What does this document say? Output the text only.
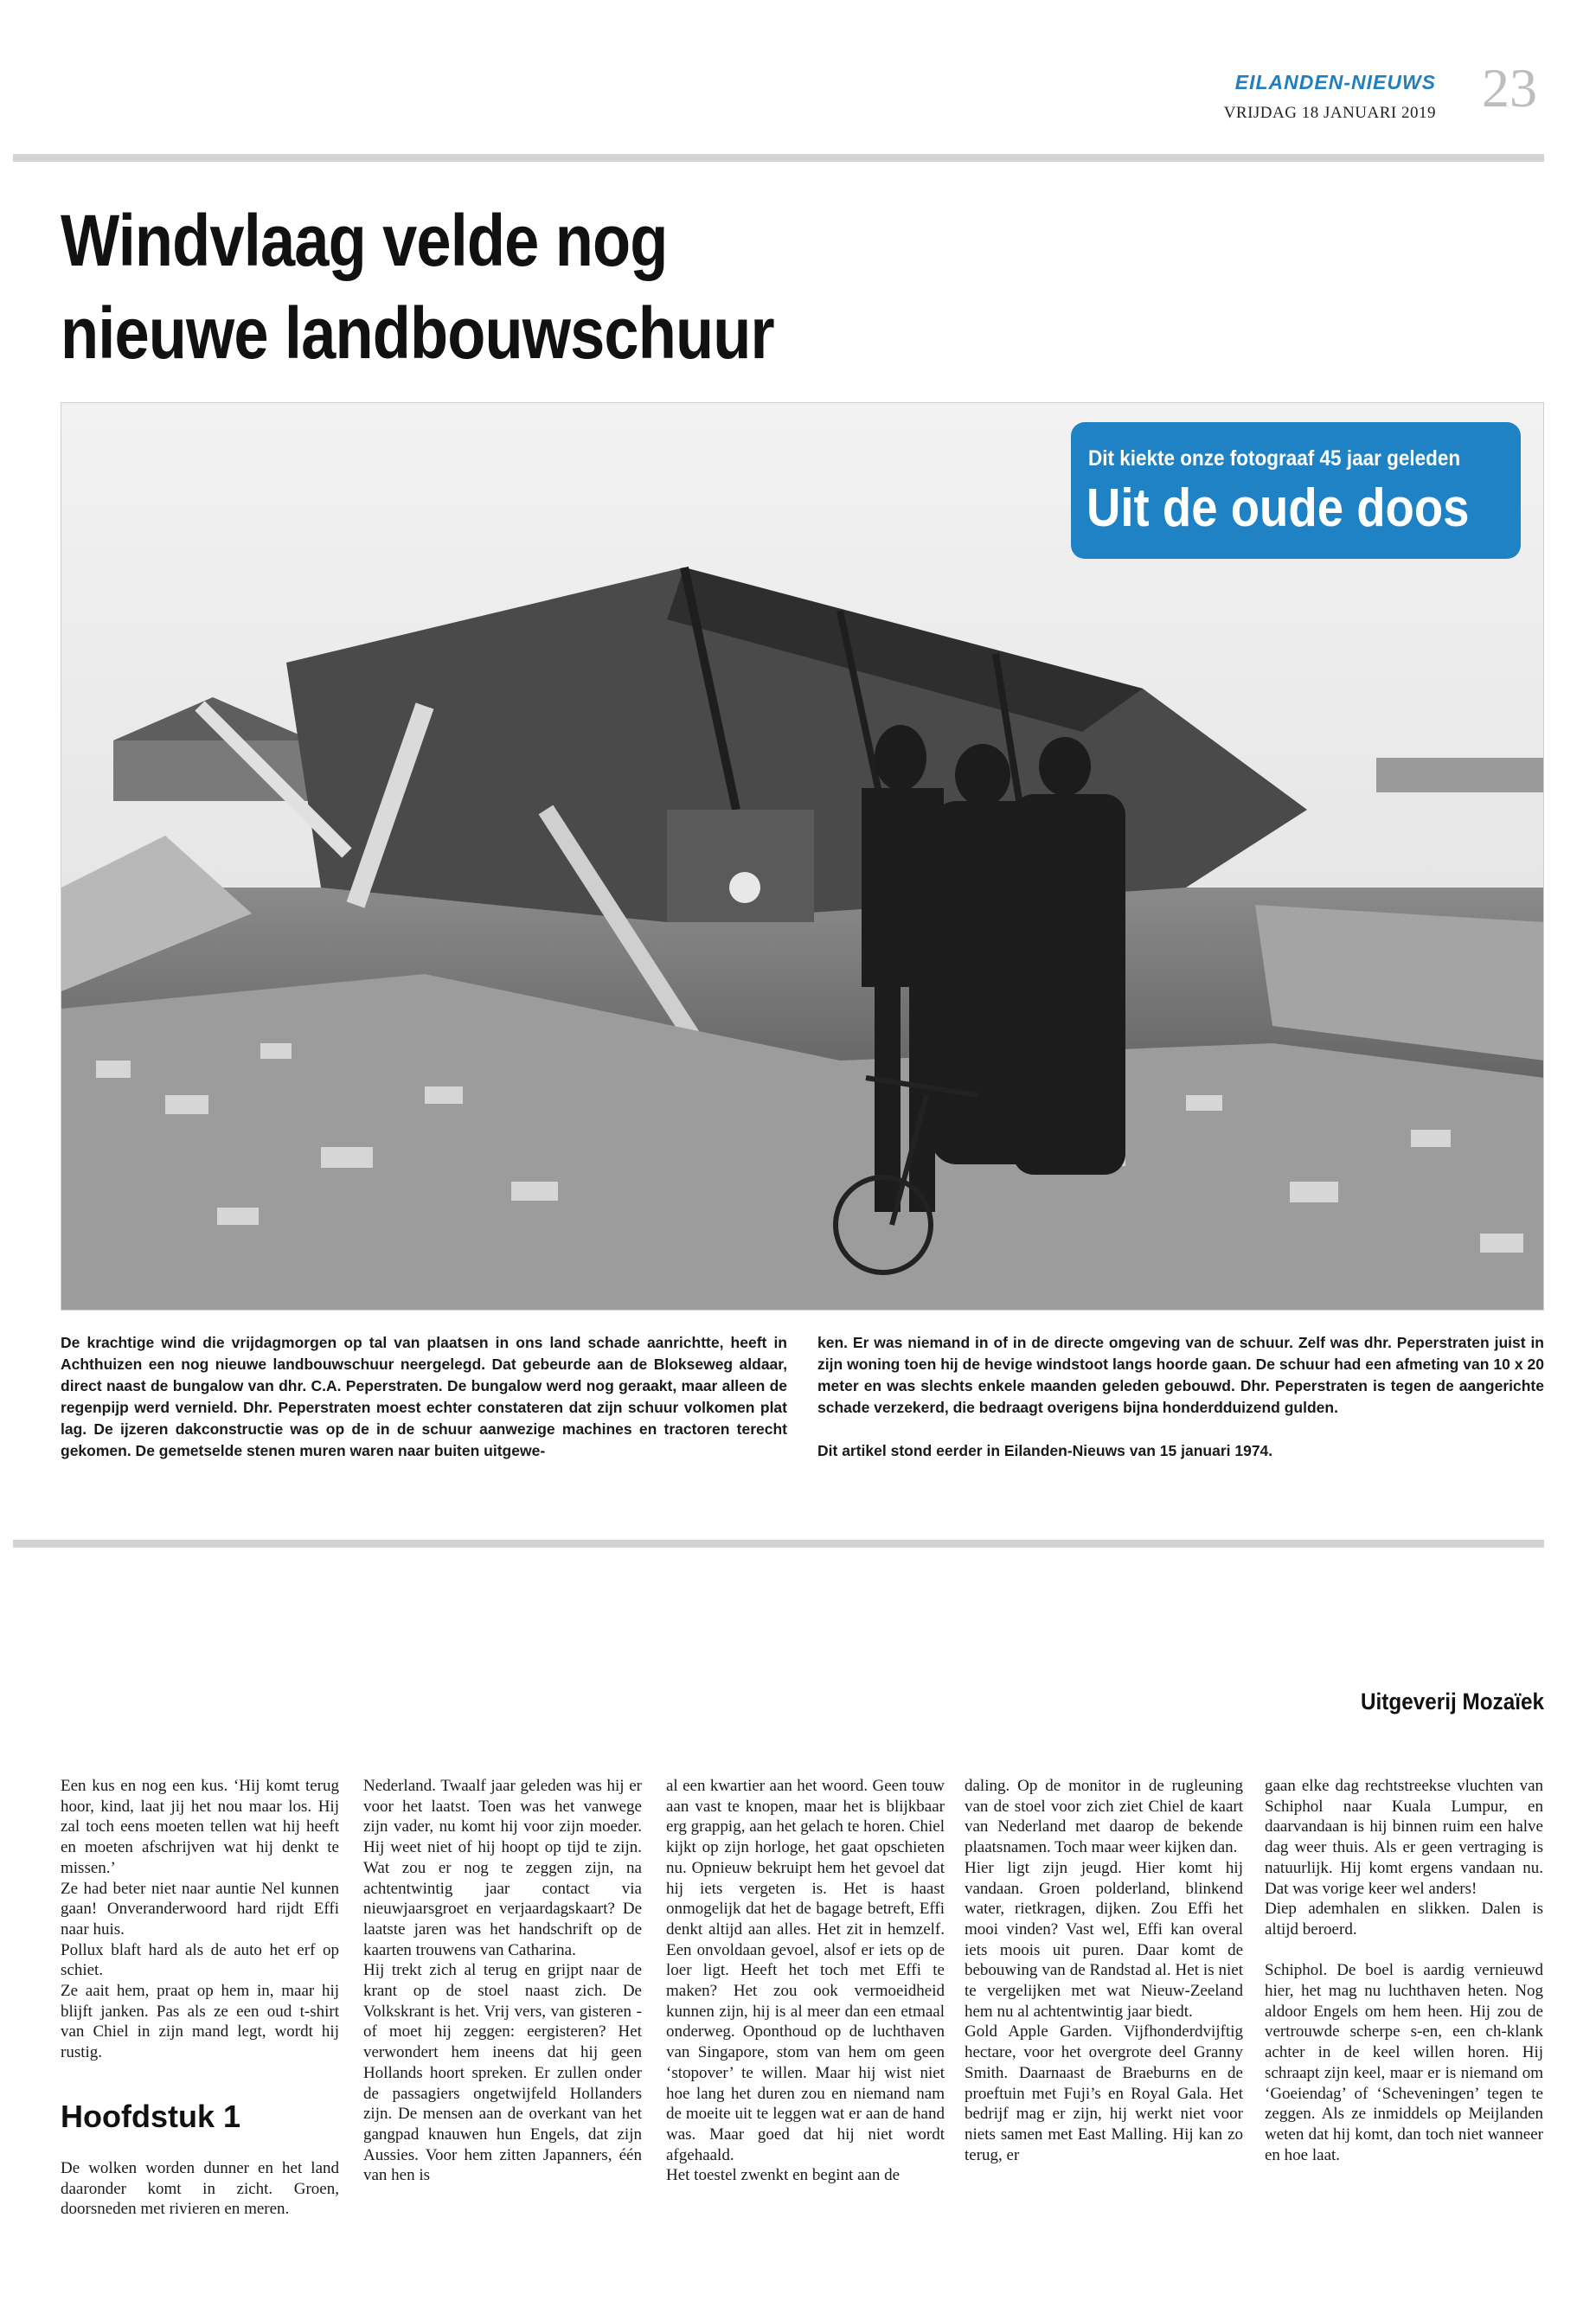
EILANDEN-NIEUWS
VRIJDAG 18 JANUARI 2019 23
Windvlaag velde nog
nieuwe landbouwschuur
Dit kiekte onze fotograaf 45 jaar geleden
Uit de oude doos
De krachtige wind die vrijdagmorgen op tal van plaatsen in ons land schade aanrichtte, heeft in Achthuizen een nog nieuwe landbouwschuur neergelegd. Dat gebeurde aan de Blokseweg aldaar, direct naast de bungalow van dhr. C.A. Peperstraten. De bungalow werd nog geraakt, maar alleen de regenpijp werd vernield. Dhr. Peperstraten moest echter constateren dat zijn schuur volkomen plat lag. De ijzeren dakconstructie was op de in de schuur aanwezige machines en tractoren terecht gekomen. De gemetselde stenen muren waren naar buiten uitgewe-

ken. Er was niemand in of in de directe omgeving van de schuur. Zelf was dhr. Peperstraten juist in zijn woning toen hij de hevige windstoot langs hoorde gaan. De schuur had een afmeting van 10 x 20 meter en was slechts enkele maanden geleden gebouwd. Dhr. Peperstraten is tegen de aangerichte schade verzekerd, die bedraagt overigens bijna honderdduizend gulden.

Dit artikel stond eerder in Eilanden-Nieuws van 15 januari 1974.

Uitgeverij Mozaïek

Een kus en nog een kus. ‘Hij komt terug hoor, kind, laat jij het nou maar los. Hij zal toch eens moeten tellen wat hij heeft en moeten afschrijven wat hij denkt te missen.’

Ze had beter niet naar auntie Nel kunnen gaan! Onveranderwoord hard rijdt Effi naar huis.

Pollux blaft hard als de auto het erf op schiet.

Ze aait hem, praat op hem in, maar hij blijft janken. Pas als ze een oud t-shirt van Chiel in zijn mand legt, wordt hij rustig.

Hoofdstuk 1

De wolken worden dunner en het land daaronder komt in zicht. Groen, doorsneden met rivieren en meren.

Nederland. Twaalf jaar geleden was hij er voor het laatst. Toen was het vanwege zijn vader, nu komt hij voor zijn moeder. Hij weet niet of hij hoopt op tijd te zijn. Wat zou er nog te zeggen zijn, na achtentwintig jaar contact via nieuwjaarsgroet en verjaardagskaart? De laatste jaren was het handschrift op de kaarten trouwens van Catharina.

Hij trekt zich al terug en grijpt naar de krant op de stoel naast zich. De Volkskrant is het. Vrij vers, van gisteren - of moet hij zeggen: eergisteren? Het verwondert hem ineens dat hij geen Hollands hoort spreken. Er zullen onder de passagiers ongetwijfeld Hollanders zijn. De mensen aan de overkant van het gangpad knauwen hun Engels, dat zijn Aussies. Voor hem zitten Japanners, één van hen is

al een kwartier aan het woord. Geen touw aan vast te knopen, maar het is blijkbaar erg grappig, aan het gelach te horen. Chiel kijkt op zijn horloge, het gaat opschieten nu. Opnieuw bekruipt hem het gevoel dat hij iets vergeten is. Het is haast onmogelijk dat het de bagage betreft, Effi denkt altijd aan alles. Het zit in hemzelf. Een onvoldaan gevoel, alsof er iets op de loer ligt. Heeft het toch met Effi te maken? Het zou ook vermoeidheid kunnen zijn, hij is al meer dan een etmaal onderweg. Oponthoud op de luchthaven van Singapore, stom van hem om geen ‘stopover’ te willen. Maar hij wist niet hoe lang het duren zou en niemand nam de moeite uit te leggen wat er aan de hand was. Maar goed dat hij niet wordt afgehaald.

Het toestel zwenkt en begint aan de

daling. Op de monitor in de rugleuning van de stoel voor zich ziet Chiel de kaart van Nederland met daarop de bekende plaatsnamen. Toch maar weer kijken dan.

Hier ligt zijn jeugd. Hier komt hij vandaan. Groen polderland, blinkend water, rietkragen, dijken. Zou Effi het mooi vinden? Vast wel, Effi kan overal iets moois uit puren. Daar komt de bebouwing van de Randstad al. Het is niet te vergelijken met wat Nieuw-Zeeland hem nu al achtentwintig jaar biedt.

Gold Apple Garden. Vijfhonderdvijftig hectare, voor het overgrote deel Granny Smith. Daarnaast de Braeburns en de proeftuin met Fuji’s en Royal Gala. Het bedrijf mag er zijn, hij werkt niet voor niets samen met East Malling. Hij kan zo terug, er

gaan elke dag rechtstreekse vluchten van Schiphol naar Kuala Lumpur, en daarvandaan is hij binnen ruim een halve dag weer thuis. Als er geen vertraging is natuurlijk. Hij komt ergens vandaan nu. Dat was vorige keer wel anders!

Diep ademhalen en slikken. Dalen is altijd beroerd.

Schiphol. De boel is aardig vernieuwd hier, het mag nu luchthaven heten. Nog aldoor Engels om hem heen. Hij zou de vertrouwde scherpe s-en, een ch-klank achter in de keel willen horen. Hij schraapt zijn keel, maar er is niemand om ‘Goeiendag’ of ‘Scheveningen’ tegen te zeggen. Als ze inmiddels op Meijlanden weten dat hij komt, dan toch niet wanneer en hoe laat.
